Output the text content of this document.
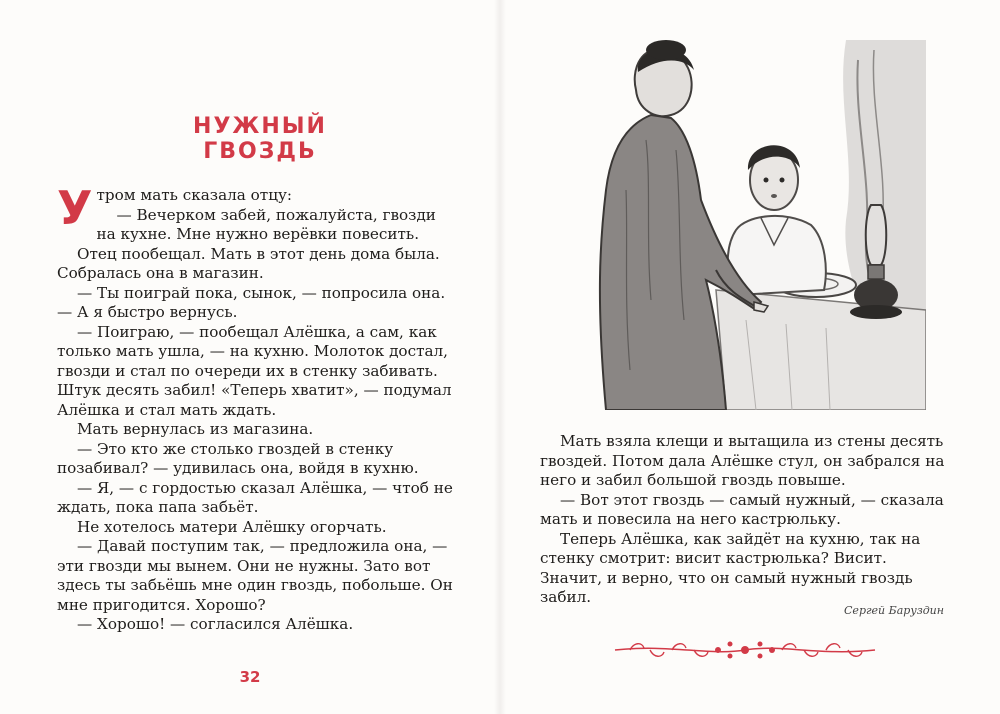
НУЖНЫЙ ГВОЗДЬ

Утром мать сказала отцу:

— Вечерком забей, пожалуйста, гвозди на кухне. Мне нужно верёвки повесить.

Отец пообещал. Мать в этот день дома была. Собралась она в магазин.

— Ты поиграй пока, сынок, — попросила она. — А я быстро вернусь.

— Поиграю, — пообещал Алёшка, а сам, как только мать ушла, — на кухню. Молоток достал, гвозди и стал по очереди их в стенку забивать. Штук десять забил! «Теперь хватит», — подумал Алёшка и стал мать ждать.

Мать вернулась из магазина.

— Это кто же столько гвоздей в стенку позабивал? — удивилась она, войдя в кухню.

— Я, — с гордостью сказал Алёшка, — чтоб не ждать, пока папа забьёт.

Не хотелось матери Алёшку огорчать.

— Давай поступим так, — предложила она, — эти гвозди мы вынем. Они не нужны. Зато вот здесь ты забьёшь мне один гвоздь, побольше. Он мне пригодится. Хорошо?

— Хорошо! — согласился Алёшка.

32

Мать взяла клещи и вытащила из стены десять гвоздей. Потом дала Алёшке стул, он забрался на него и забил большой гвоздь повыше.

— Вот этот гвоздь — самый нужный, — сказала мать и повесила на него кастрюльку.

Теперь Алёшка, как зайдёт на кухню, так на стенку смотрит: висит кастрюлька? Висит. Значит, и верно, что он самый нужный гвоздь забил.

Сергей Баруздин
